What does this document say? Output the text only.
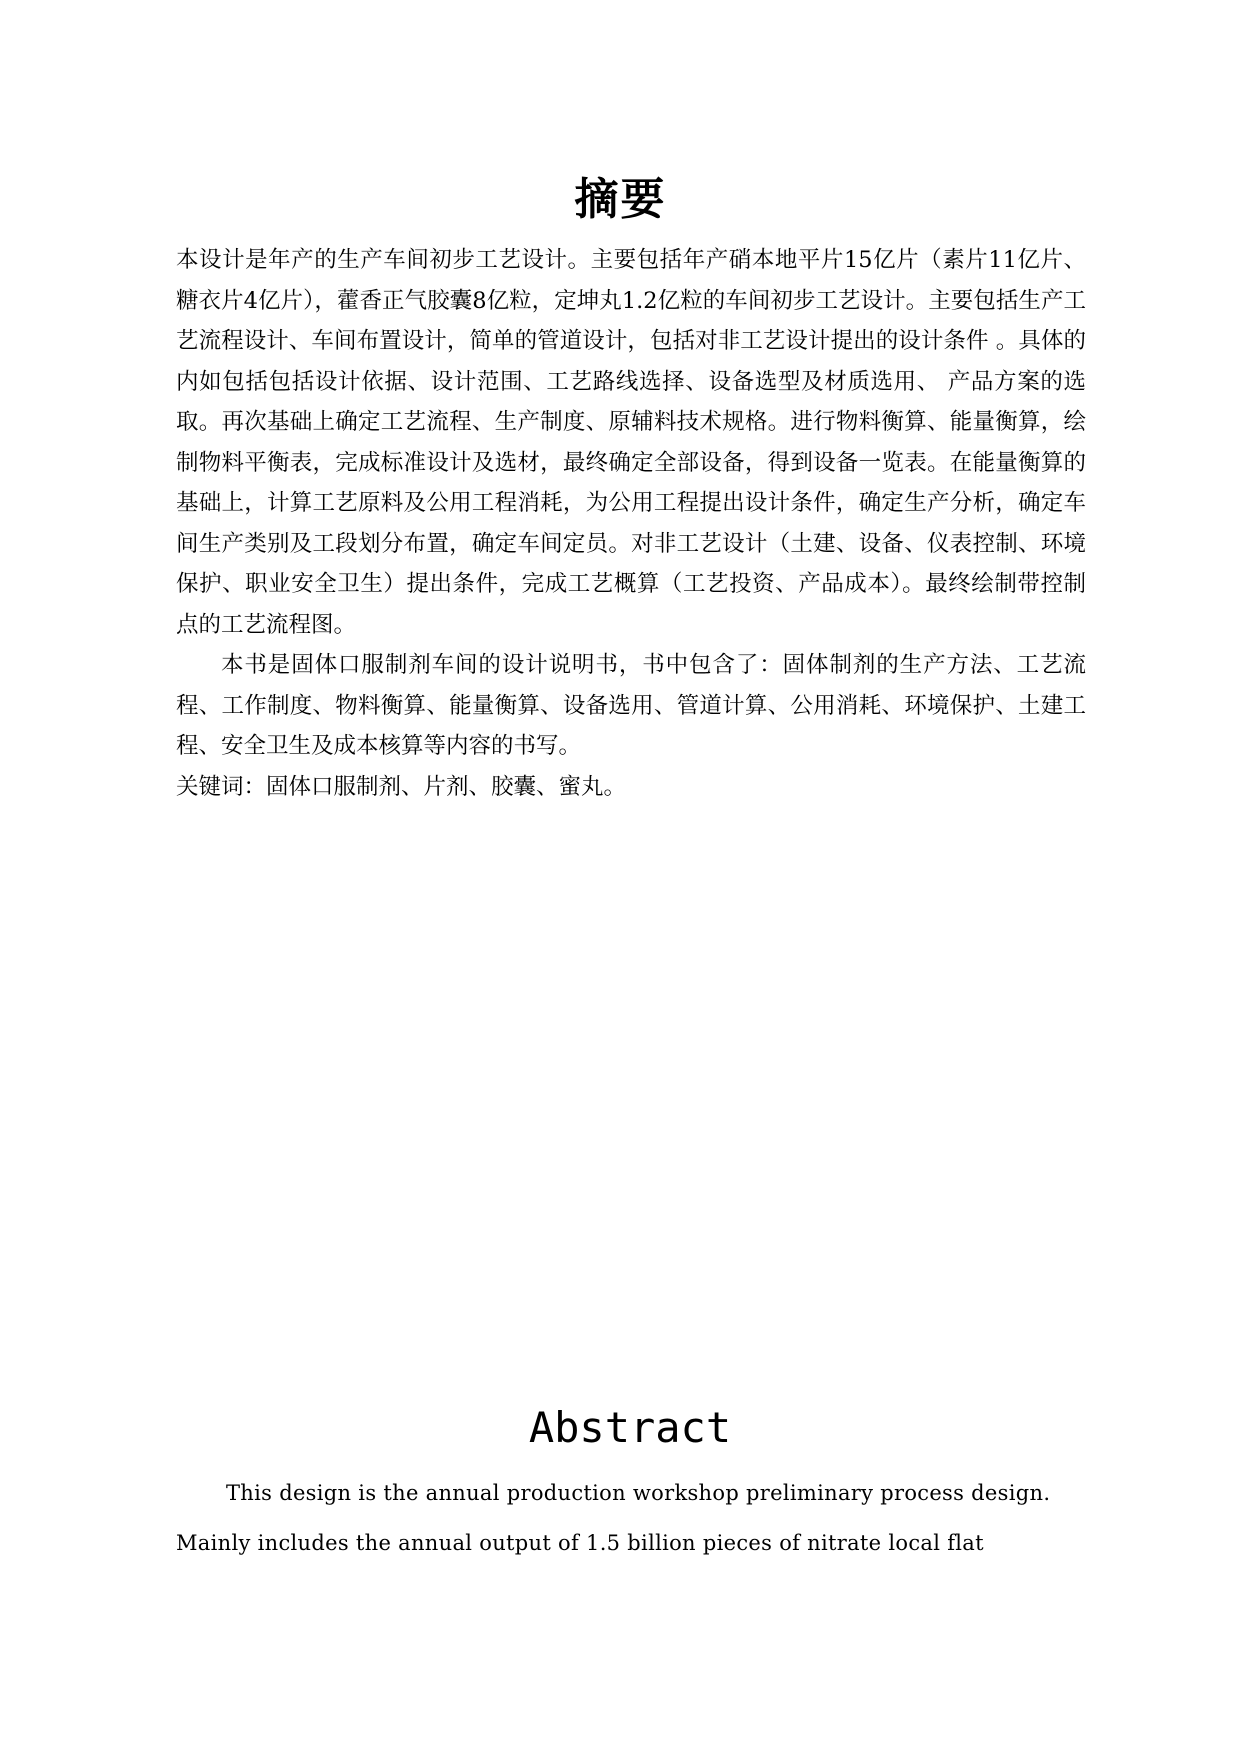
摘要

本设计是年产的生产车间初步工艺设计。主要包括年产硝本地平片15亿片（素片11亿片、糖衣片4亿片），藿香正气胶囊8亿粒，定坤丸1.2亿粒的车间初步工艺设计。主要包括生产工艺流程设计、车间布置设计，简单的管道设计，包括对非工艺设计提出的设计条件 。具体的内如包括包括设计依据、设计范围、工艺路线选择、设备选型及材质选用、 产品方案的选取。再次基础上确定工艺流程、生产制度、原辅料技术规格。进行物料衡算、能量衡算，绘制物料平衡表，完成标准设计及选材，最终确定全部设备，得到设备一览表。在能量衡算的基础上，计算工艺原料及公用工程消耗，为公用工程提出设计条件，确定生产分析，确定车间生产类别及工段划分布置，确定车间定员。对非工艺设计（土建、设备、仪表控制、环境保护、职业安全卫生）提出条件，完成工艺概算（工艺投资、产品成本）。最终绘制带控制点的工艺流程图。

本书是固体口服制剂车间的设计说明书，书中包含了：固体制剂的生产方法、工艺流程、工作制度、物料衡算、能量衡算、设备选用、管道计算、公用消耗、环境保护、土建工程、安全卫生及成本核算等内容的书写。

关键词：固体口服制剂、片剂、胶囊、蜜丸。

Abstract

This design is the annual production workshop preliminary process design.

Mainly includes the annual output of 1.5 billion pieces of nitrate local flat
